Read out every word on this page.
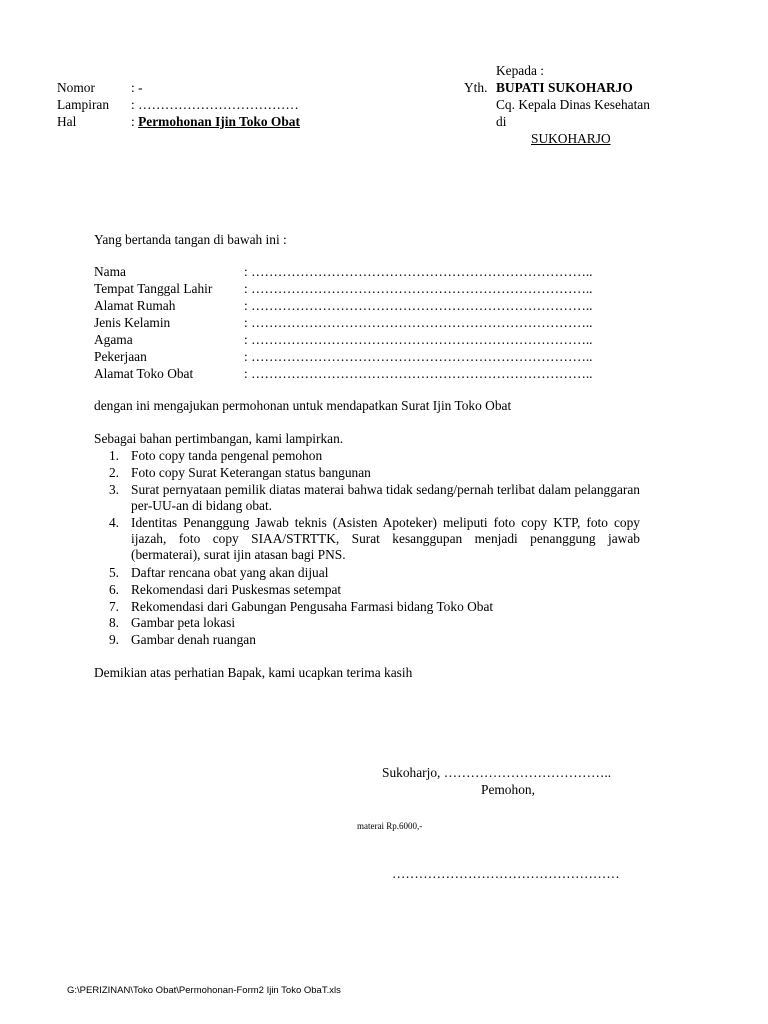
Kepada :
Yth. BUPATI SUKOHARJO
Cq. Kepala Dinas Kesehatan
di
SUKOHARJO
Nomor	: -
Lampiran : ………………………………
Hal	: Permohonan Ijin Toko Obat
Yang bertanda tangan di bawah ini :
Nama	: …………………………………………………………………..
Tempat Tanggal Lahir : …………………………………………………………………..
Alamat Rumah	: …………………………………………………………………..
Jenis Kelamin	: …………………………………………………………………..
Agama	: …………………………………………………………………..
Pekerjaan	: …………………………………………………………………..
Alamat Toko Obat	: …………………………………………………………………..
dengan ini mengajukan permohonan untuk mendapatkan Surat Ijin Toko Obat
Sebagai bahan pertimbangan, kami lampirkan.
1. Foto copy tanda pengenal pemohon
2. Foto copy Surat Keterangan status bangunan
3. Surat pernyataan pemilik diatas materai bahwa tidak sedang/pernah terlibat dalam pelanggaran per-UU-an di bidang obat.
4. Identitas Penanggung Jawab teknis (Asisten Apoteker) meliputi foto copy KTP, foto copy ijazah, foto copy SIAA/STRTTK, Surat kesanggupan menjadi penanggung jawab (bermaterai), surat ijin atasan bagi PNS.
5. Daftar rencana obat yang akan dijual
6. Rekomendasi dari Puskesmas setempat
7. Rekomendasi dari Gabungan Pengusaha Farmasi bidang Toko Obat
8. Gambar peta lokasi
9. Gambar denah ruangan
Demikian atas perhatian Bapak, kami ucapkan terima kasih
Sukoharjo, ………………………………..
Pemohon,
materai Rp.6000,-
……………………………………………
G:\PERIZINAN\Toko Obat\Permohonan-Form2 Ijin Toko ObaT.xls
